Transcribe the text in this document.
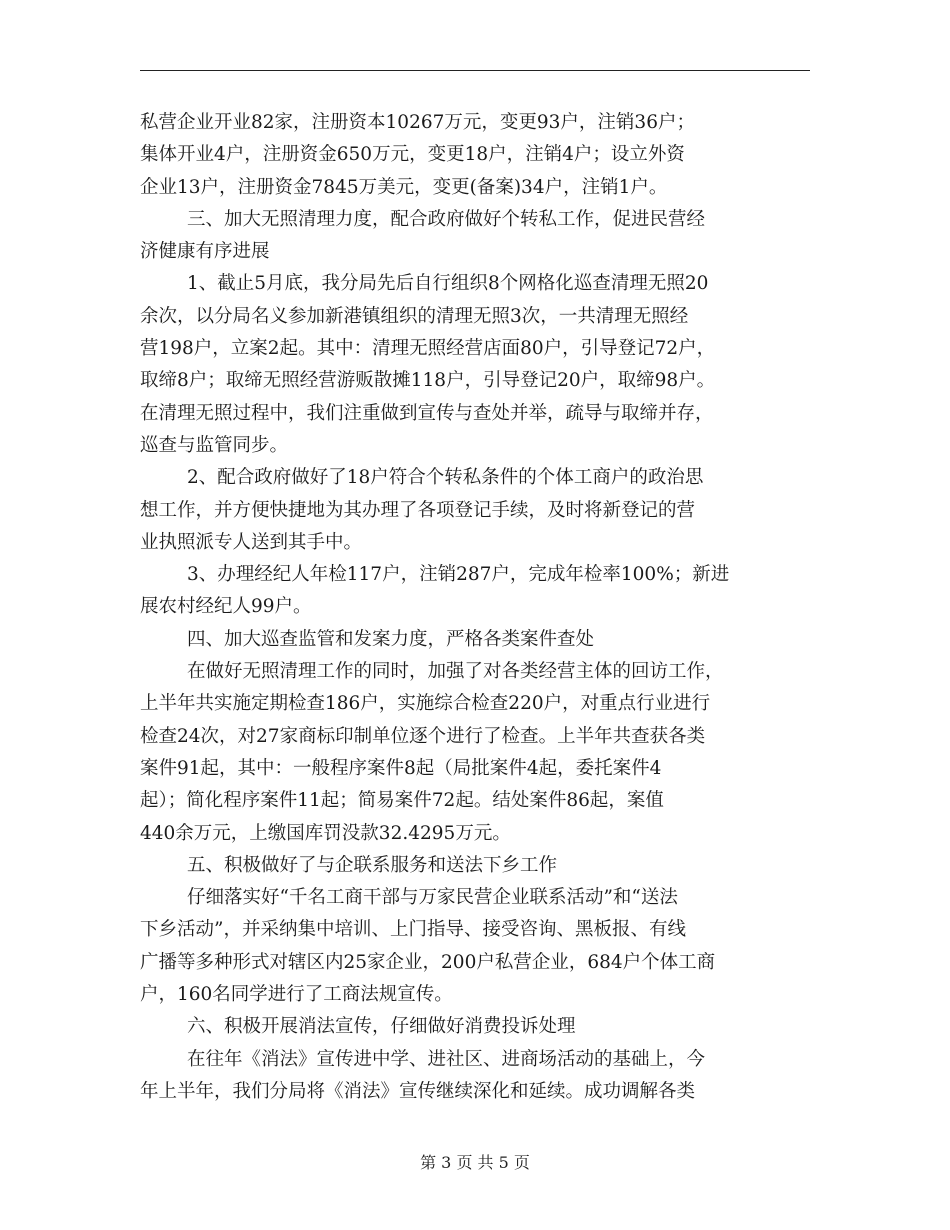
私营企业开业82家，注册资本10267万元，变更93户，注销36户；
集体开业4户，注册资金650万元，变更18户，注销4户；设立外资
企业13户，注册资金7845万美元，变更(备案)34户，注销1户。
三、加大无照清理力度，配合政府做好个转私工作，促进民营经
济健康有序进展
1、截止5月底，我分局先后自行组织8个网格化巡查清理无照20
余次，以分局名义参加新港镇组织的清理无照3次，一共清理无照经
营198户，立案2起。其中：清理无照经营店面80户，引导登记72户，
取缔8户；取缔无照经营游贩散摊118户，引导登记20户，取缔98户。
在清理无照过程中，我们注重做到宣传与查处并举，疏导与取缔并存，
巡查与监管同步。
2、配合政府做好了18户符合个转私条件的个体工商户的政治思
想工作，并方便快捷地为其办理了各项登记手续，及时将新登记的营
业执照派专人送到其手中。
3、办理经纪人年检117户，注销287户，完成年检率100%；新进
展农村经纪人99户。
四、加大巡查监管和发案力度，严格各类案件查处
在做好无照清理工作的同时，加强了对各类经营主体的回访工作，
上半年共实施定期检查186户，实施综合检查220户，对重点行业进行
检查24次，对27家商标印制单位逐个进行了检查。上半年共查获各类
案件91起，其中：一般程序案件8起（局批案件4起，委托案件4
起）；简化程序案件11起；简易案件72起。结处案件86起，案值
440余万元，上缴国库罚没款32.4295万元。
五、积极做好了与企联系服务和送法下乡工作
仔细落实好“千名工商干部与万家民营企业联系活动”和“送法
下乡活动”，并采纳集中培训、上门指导、接受咨询、黑板报、有线
广播等多种形式对辖区内25家企业，200户私营企业，684户个体工商
户，160名同学进行了工商法规宣传。
六、积极开展消法宣传，仔细做好消费投诉处理
在往年《消法》宣传进中学、进社区、进商场活动的基础上，今
年上半年，我们分局将《消法》宣传继续深化和延续。成功调解各类
第 3 页 共 5 页
